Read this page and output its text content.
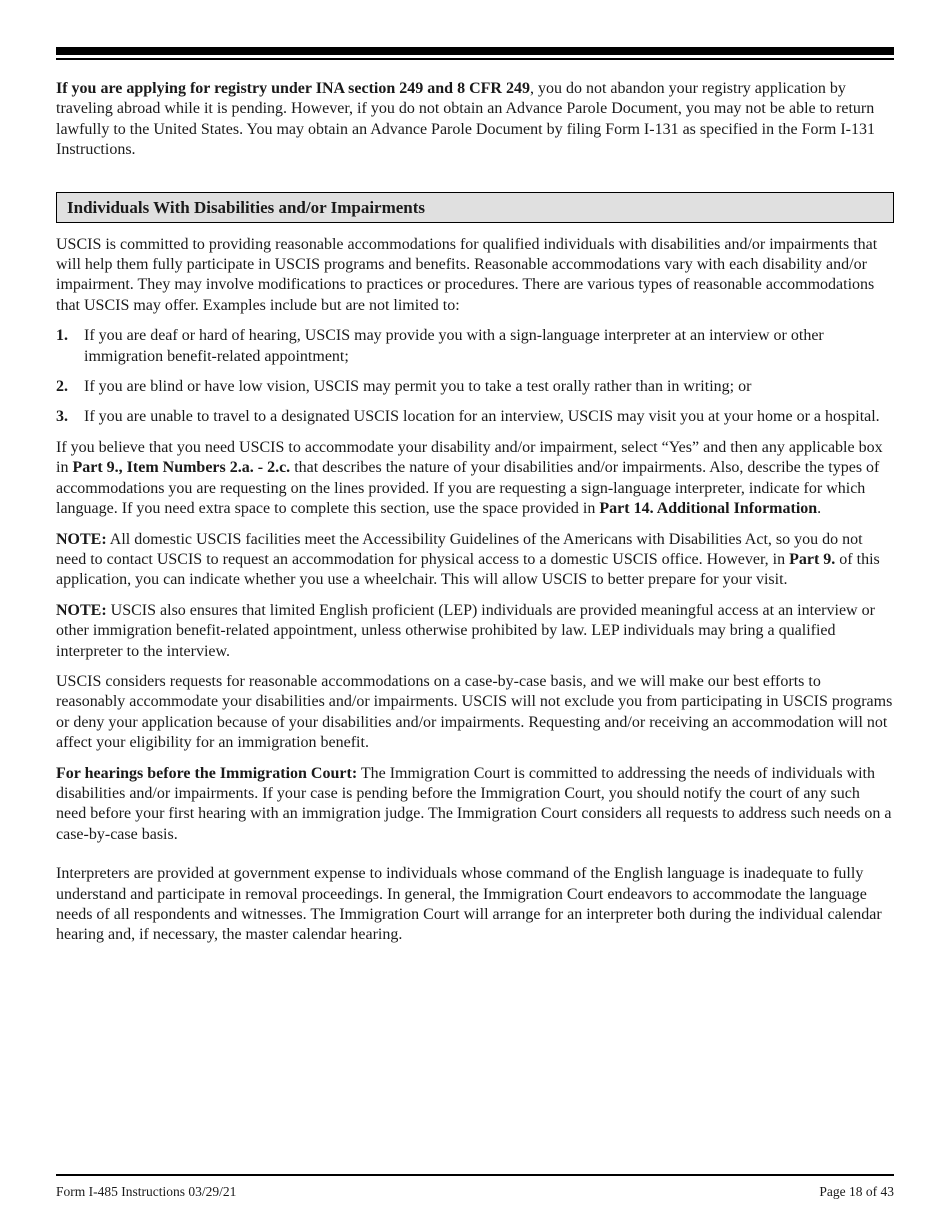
If you are applying for registry under INA section 249 and 8 CFR 249, you do not abandon your registry application by traveling abroad while it is pending. However, if you do not obtain an Advance Parole Document, you may not be able to return lawfully to the United States. You may obtain an Advance Parole Document by filing Form I-131 as specified in the Form I-131 Instructions.

Individuals With Disabilities and/or Impairments

USCIS is committed to providing reasonable accommodations for qualified individuals with disabilities and/or impairments that will help them fully participate in USCIS programs and benefits. Reasonable accommodations vary with each disability and/or impairment. They may involve modifications to practices or procedures. There are various types of reasonable accommodations that USCIS may offer. Examples include but are not limited to:

1. If you are deaf or hard of hearing, USCIS may provide you with a sign-language interpreter at an interview or other immigration benefit-related appointment;
2. If you are blind or have low vision, USCIS may permit you to take a test orally rather than in writing; or
3. If you are unable to travel to a designated USCIS location for an interview, USCIS may visit you at your home or a hospital.

If you believe that you need USCIS to accommodate your disability and/or impairment, select “Yes” and then any applicable box in Part 9., Item Numbers 2.a. - 2.c. that describes the nature of your disabilities and/or impairments. Also, describe the types of accommodations you are requesting on the lines provided. If you are requesting a sign-language interpreter, indicate for which language. If you need extra space to complete this section, use the space provided in Part 14. Additional Information.

NOTE: All domestic USCIS facilities meet the Accessibility Guidelines of the Americans with Disabilities Act, so you do not need to contact USCIS to request an accommodation for physical access to a domestic USCIS office. However, in Part 9. of this application, you can indicate whether you use a wheelchair. This will allow USCIS to better prepare for your visit.

NOTE: USCIS also ensures that limited English proficient (LEP) individuals are provided meaningful access at an interview or other immigration benefit-related appointment, unless otherwise prohibited by law. LEP individuals may bring a qualified interpreter to the interview.

USCIS considers requests for reasonable accommodations on a case-by-case basis, and we will make our best efforts to reasonably accommodate your disabilities and/or impairments. USCIS will not exclude you from participating in USCIS programs or deny your application because of your disabilities and/or impairments. Requesting and/or receiving an accommodation will not affect your eligibility for an immigration benefit.

For hearings before the Immigration Court: The Immigration Court is committed to addressing the needs of individuals with disabilities and/or impairments. If your case is pending before the Immigration Court, you should notify the court of any such need before your first hearing with an immigration judge. The Immigration Court considers all requests to address such needs on a case-by-case basis.

Interpreters are provided at government expense to individuals whose command of the English language is inadequate to fully understand and participate in removal proceedings. In general, the Immigration Court endeavors to accommodate the language needs of all respondents and witnesses. The Immigration Court will arrange for an interpreter both during the individual calendar hearing and, if necessary, the master calendar hearing.

Form I-485 Instructions 03/29/21	Page 18 of 43
